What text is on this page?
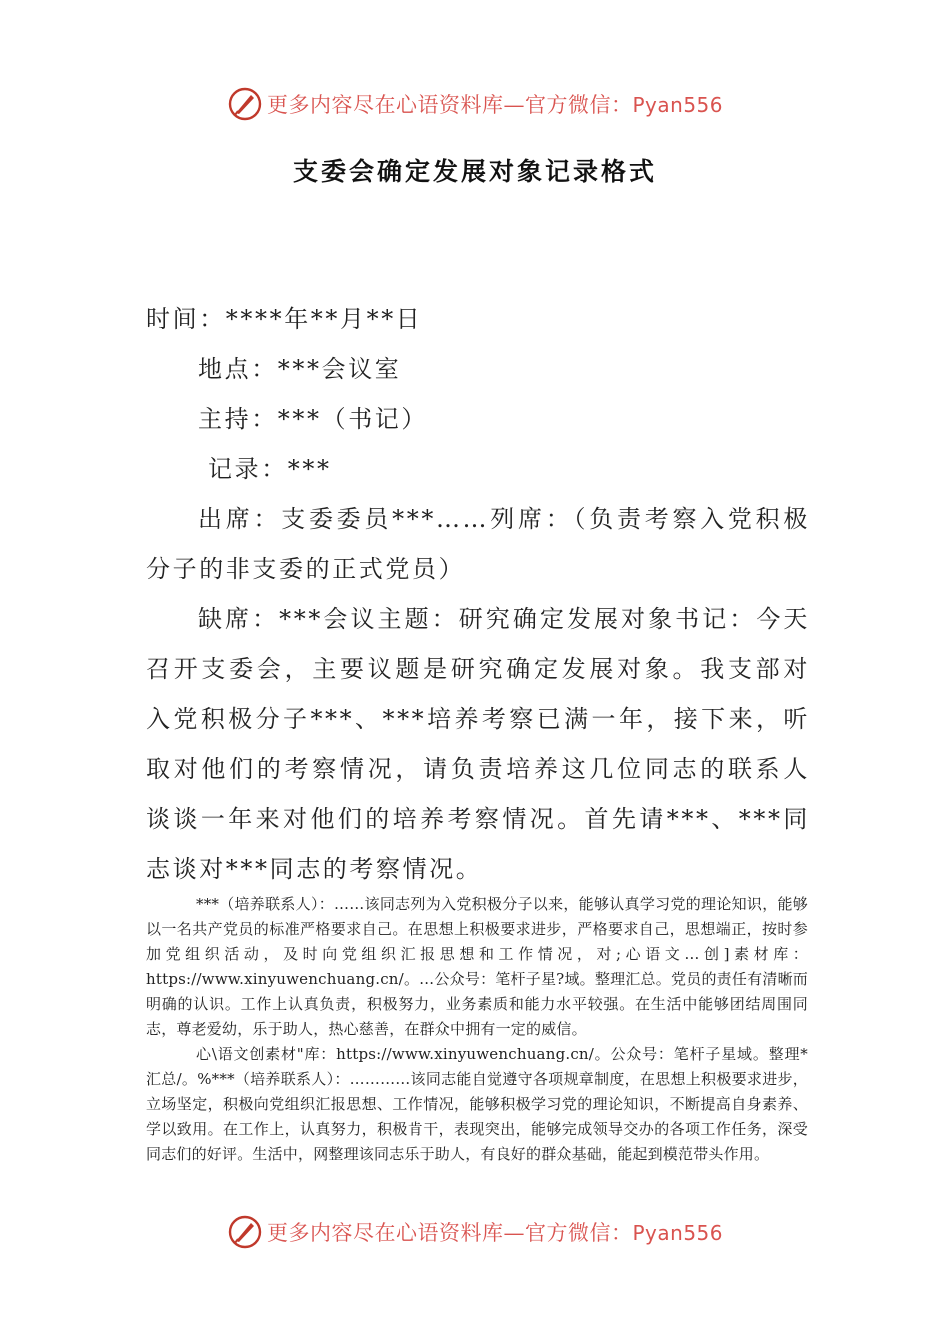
更多内容尽在心语资料库—官方微信：Pyan556
支委会确定发展对象记录格式

时间：****年**月**日

地点：***会议室

主持：***（书记）

记录：***

出席：支委委员***……列席：（负责考察入党积极分子的非支委的正式党员）

缺席：***会议主题：研究确定发展对象书记：今天召开支委会，主要议题是研究确定发展对象。我支部对入党积极分子***、***培养考察已满一年，接下来，听取对他们的考察情况，请负责培养这几位同志的联系人谈谈一年来对他们的培养考察情况。首先请***、***同志谈对***同志的考察情况。

***（培养联系人）：……该同志列为入党积极分子以来，能够认真学习党的理论知识，能够以一名共产党员的标准严格要求自己。在思想上积极要求进步，严格要求自己，思想端正，按时参加党组织活动，及时向党组织汇报思想和工作情况，对;心语文…创]素材库：https://www.xinyuwenchuang.cn/。…公众号：笔杆子星?域。整理汇总。党员的责任有清晰而明确的认识。工作上认真负责，积极努力，业务素质和能力水平较强。在生活中能够团结周围同志，尊老爱幼，乐于助人，热心慈善，在群众中拥有一定的威信。

心\语文创素材"库：https://www.xinyuwenchuang.cn/。公众号：笔杆子星域。整理*汇总/。%***（培养联系人）：…………该同志能自觉遵守各项规章制度，在思想上积极要求进步，立场坚定，积极向党组织汇报思想、工作情况，能够积极学习党的理论知识，不断提高自身素养、学以致用。在工作上，认真努力，积极肯干，表现突出，能够完成领导交办的各项工作任务，深受同志们的好评。生活中，网整理该同志乐于助人，有良好的群众基础，能起到模范带头作用。

更多内容尽在心语资料库—官方微信：Pyan556
